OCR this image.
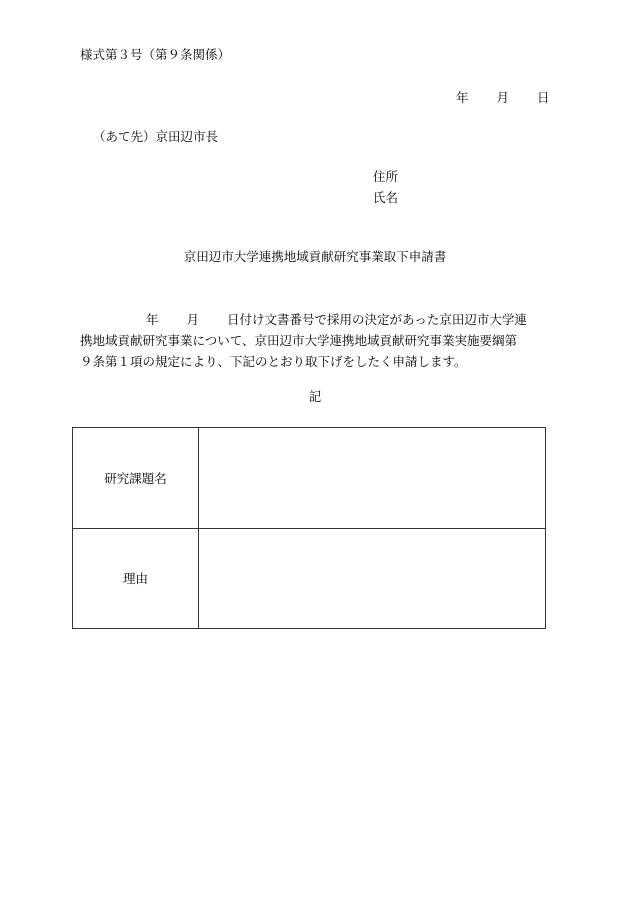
様式第３号（第９条関係）
年 月 日
（あて先）京田辺市長
住所
氏名
京田辺市大学連携地域貢献研究事業取下申請書
年 月 日付け文書番号で採用の決定があった京田辺市大学連
携地域貢献研究事業について、京田辺市大学連携地域貢献研究事業実施要綱第
９条第１項の規定により、下記のとおり取下げをしたく申請します。
記
研究課題名	
理由	
